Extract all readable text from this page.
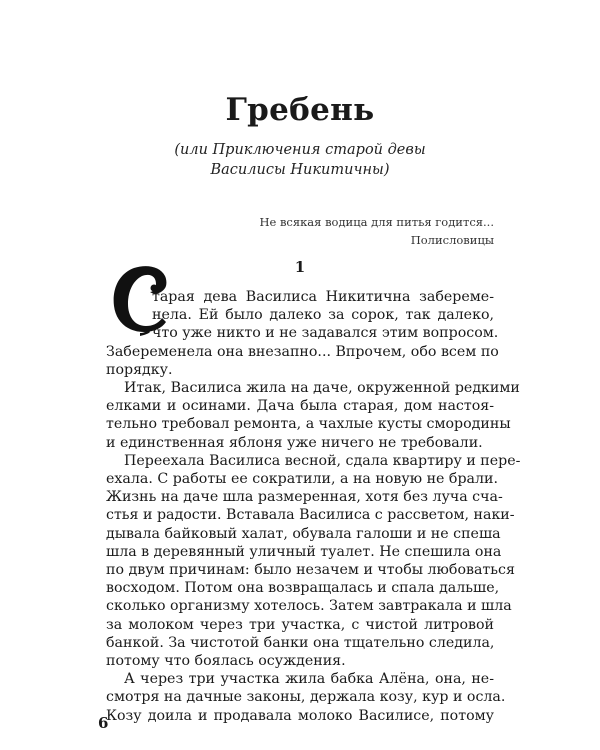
Гребень
(или Приключения старой девы
Василисы Никитичны)
Не всякая водица для питья годится...
Полисловицы
1

тарая дева Василиса Никитична забереме-
нела. Ей было далеко за сорок, так далеко,
что уже никто и не задавался этим вопросом.
Забеременела она внезапно... Впрочем, обо всем по
порядку.

Итак, Василиса жила на даче, окруженной редкими
елками и осинами. Дача была старая, дом настоя-
тельно требовал ремонта, а чахлые кусты смородины
и единственная яблоня уже ничего не требовали.

Переехала Василиса весной, сдала квартиру и пере-
ехала. С работы ее сократили, а на новую не брали.
Жизнь на даче шла размеренная, хотя без луча сча-
стья и радости. Вставала Василиса с рассветом, наки-
дывала байковый халат, обувала галоши и не спеша
шла в деревянный уличный туалет. Не спешила она
по двум причинам: было незачем и чтобы любоваться
восходом. Потом она возвращалась и спала дальше,
сколько организму хотелось. Затем завтракала и шла
за молоком через три участка, с чистой литровой
банкой. За чистотой банки она тщательно следила,
потому что боялась осуждения.

А через три участка жила бабка Алёна, она, не-
смотря на дачные законы, держала козу, кур и осла.
Козу доила и продавала молоко Василисе, потому

6
